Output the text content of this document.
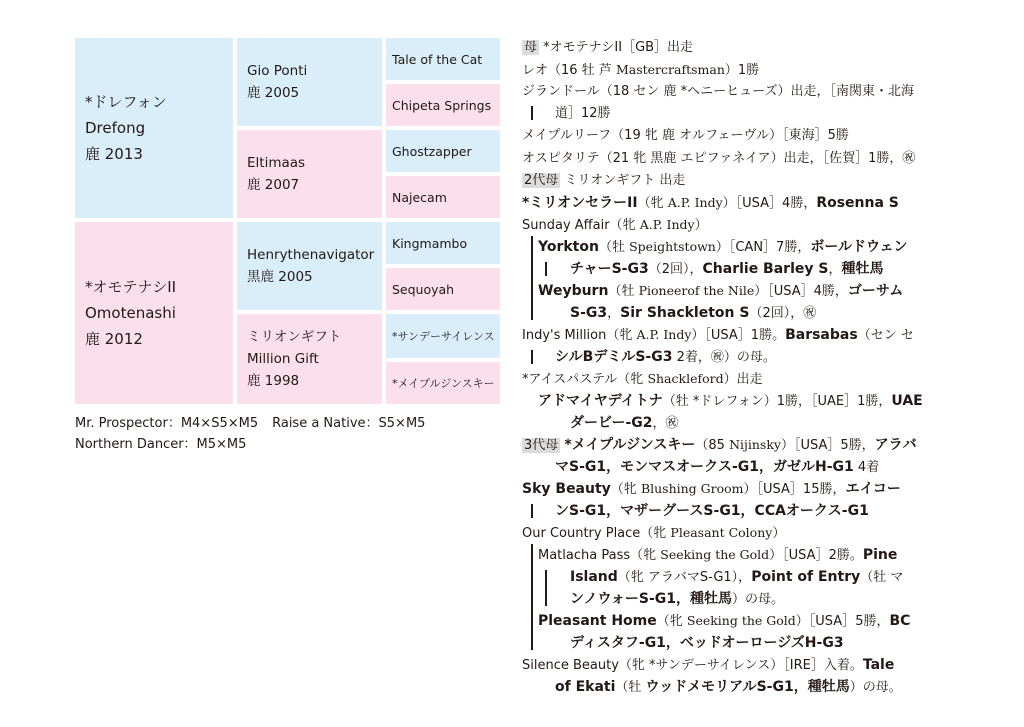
*ドレフォン
Drefong
鹿 2013
*オモテナシII
Omotenashi
鹿 2012
Gio Ponti
鹿 2005
Eltimaas
鹿 2007
Henrythenavigator
黒鹿 2005
ミリオンギフト
Million Gift
鹿 1998
Tale of the Cat
Chipeta Springs
Ghostzapper
Najecam
Kingmambo
Sequoyah
*サンデーサイレンス
*メイプルジンスキー
Mr. Prospector：M4×S5×M5 Raise a Native：S5×M5
Northern Dancer：M5×M5
母 *オモテナシII［GB］出走
レオ（16 牡 芦 Mastercraftsman）1勝
ジランドール（18 セン 鹿 *ヘニーヒューズ）出走，［南関東・北海
道］12勝
メイプルリーフ（19 牝 鹿 オルフェーヴル）［東海］5勝
オスピタリテ（21 牝 黒鹿 エピファネイア）出走，［佐賀］1勝，㊗
2代母 ミリオンギフト 出走
*ミリオンセラーII（牝 A.P. Indy）［USA］4勝，Rosenna S
Sunday Affair（牝 A.P. Indy）
Yorkton（牡 Speightstown）［CAN］7勝，ボールドウェン
チャーS-G3（2回），Charlie Barley S，種牡馬
Weyburn（牡 Pioneerof the Nile）［USA］4勝，ゴーサム
S-G3，Sir Shackleton S（2回），㊗
Indy's Million（牝 A.P. Indy）［USA］1勝。Barsabas（セン セ
シルBデミルS-G3 2着，㊗）の母。
*アイスパステル（牝 Shackleford）出走
アドマイヤデイトナ（牡 *ドレフォン）1勝，［UAE］1勝，UAE
ダービー-G2，㊗
3代母 *メイプルジンスキー（85 Nijinsky）［USA］5勝，アラバ
マS-G1，モンマスオークス-G1，ガゼルH-G1 4着
Sky Beauty（牝 Blushing Groom）［USA］15勝，エイコー
ンS-G1，マザーグースS-G1，CCAオークス-G1
Our Country Place（牝 Pleasant Colony）
Matlacha Pass（牝 Seeking the Gold）［USA］2勝。Pine
Island（牝 アラバマS-G1），Point of Entry（牡 マ
ンノウォーS-G1，種牡馬）の母。
Pleasant Home（牝 Seeking the Gold）［USA］5勝，BC
ディスタフ-G1，ベッドオーロージズH-G3
Silence Beauty（牝 *サンデーサイレンス）［IRE］入着。Tale
of Ekati（牡 ウッドメモリアルS-G1，種牡馬）の母。
